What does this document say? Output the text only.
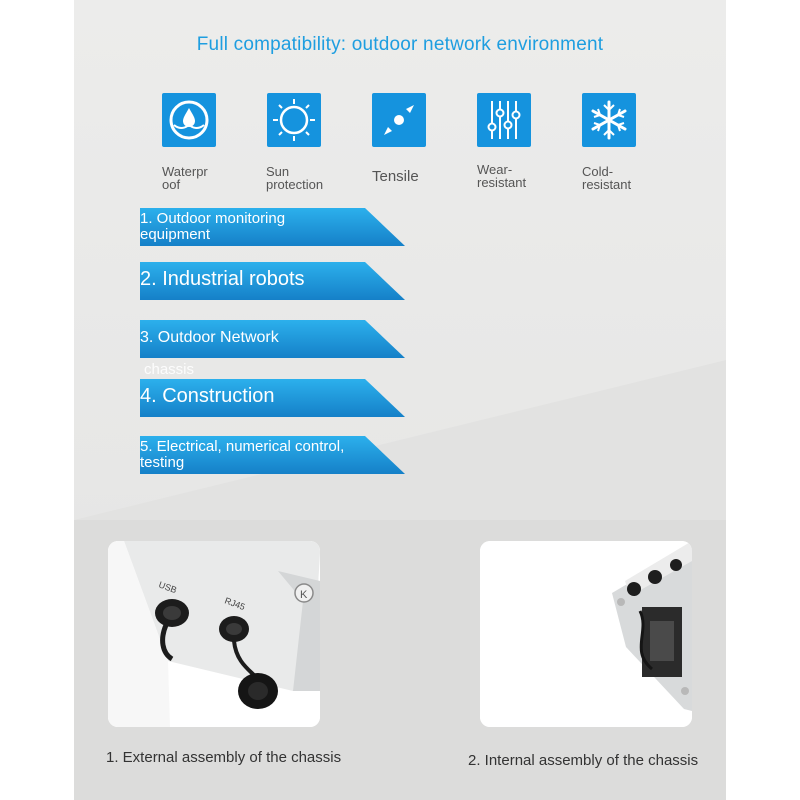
Full compatibility: outdoor network environment
Waterpr
oof
Sun
protection	Tensile	Wear-
resistant
Cold-
resistant
1. Outdoor monitoring
equipment
2. Industrial robots
3. Outdoor Network
chassis
4. Construction
5. Electrical, numerical control,
testing
K
USB
RJ45
1. External assembly of the chassis	2. Internal assembly of the chassis
